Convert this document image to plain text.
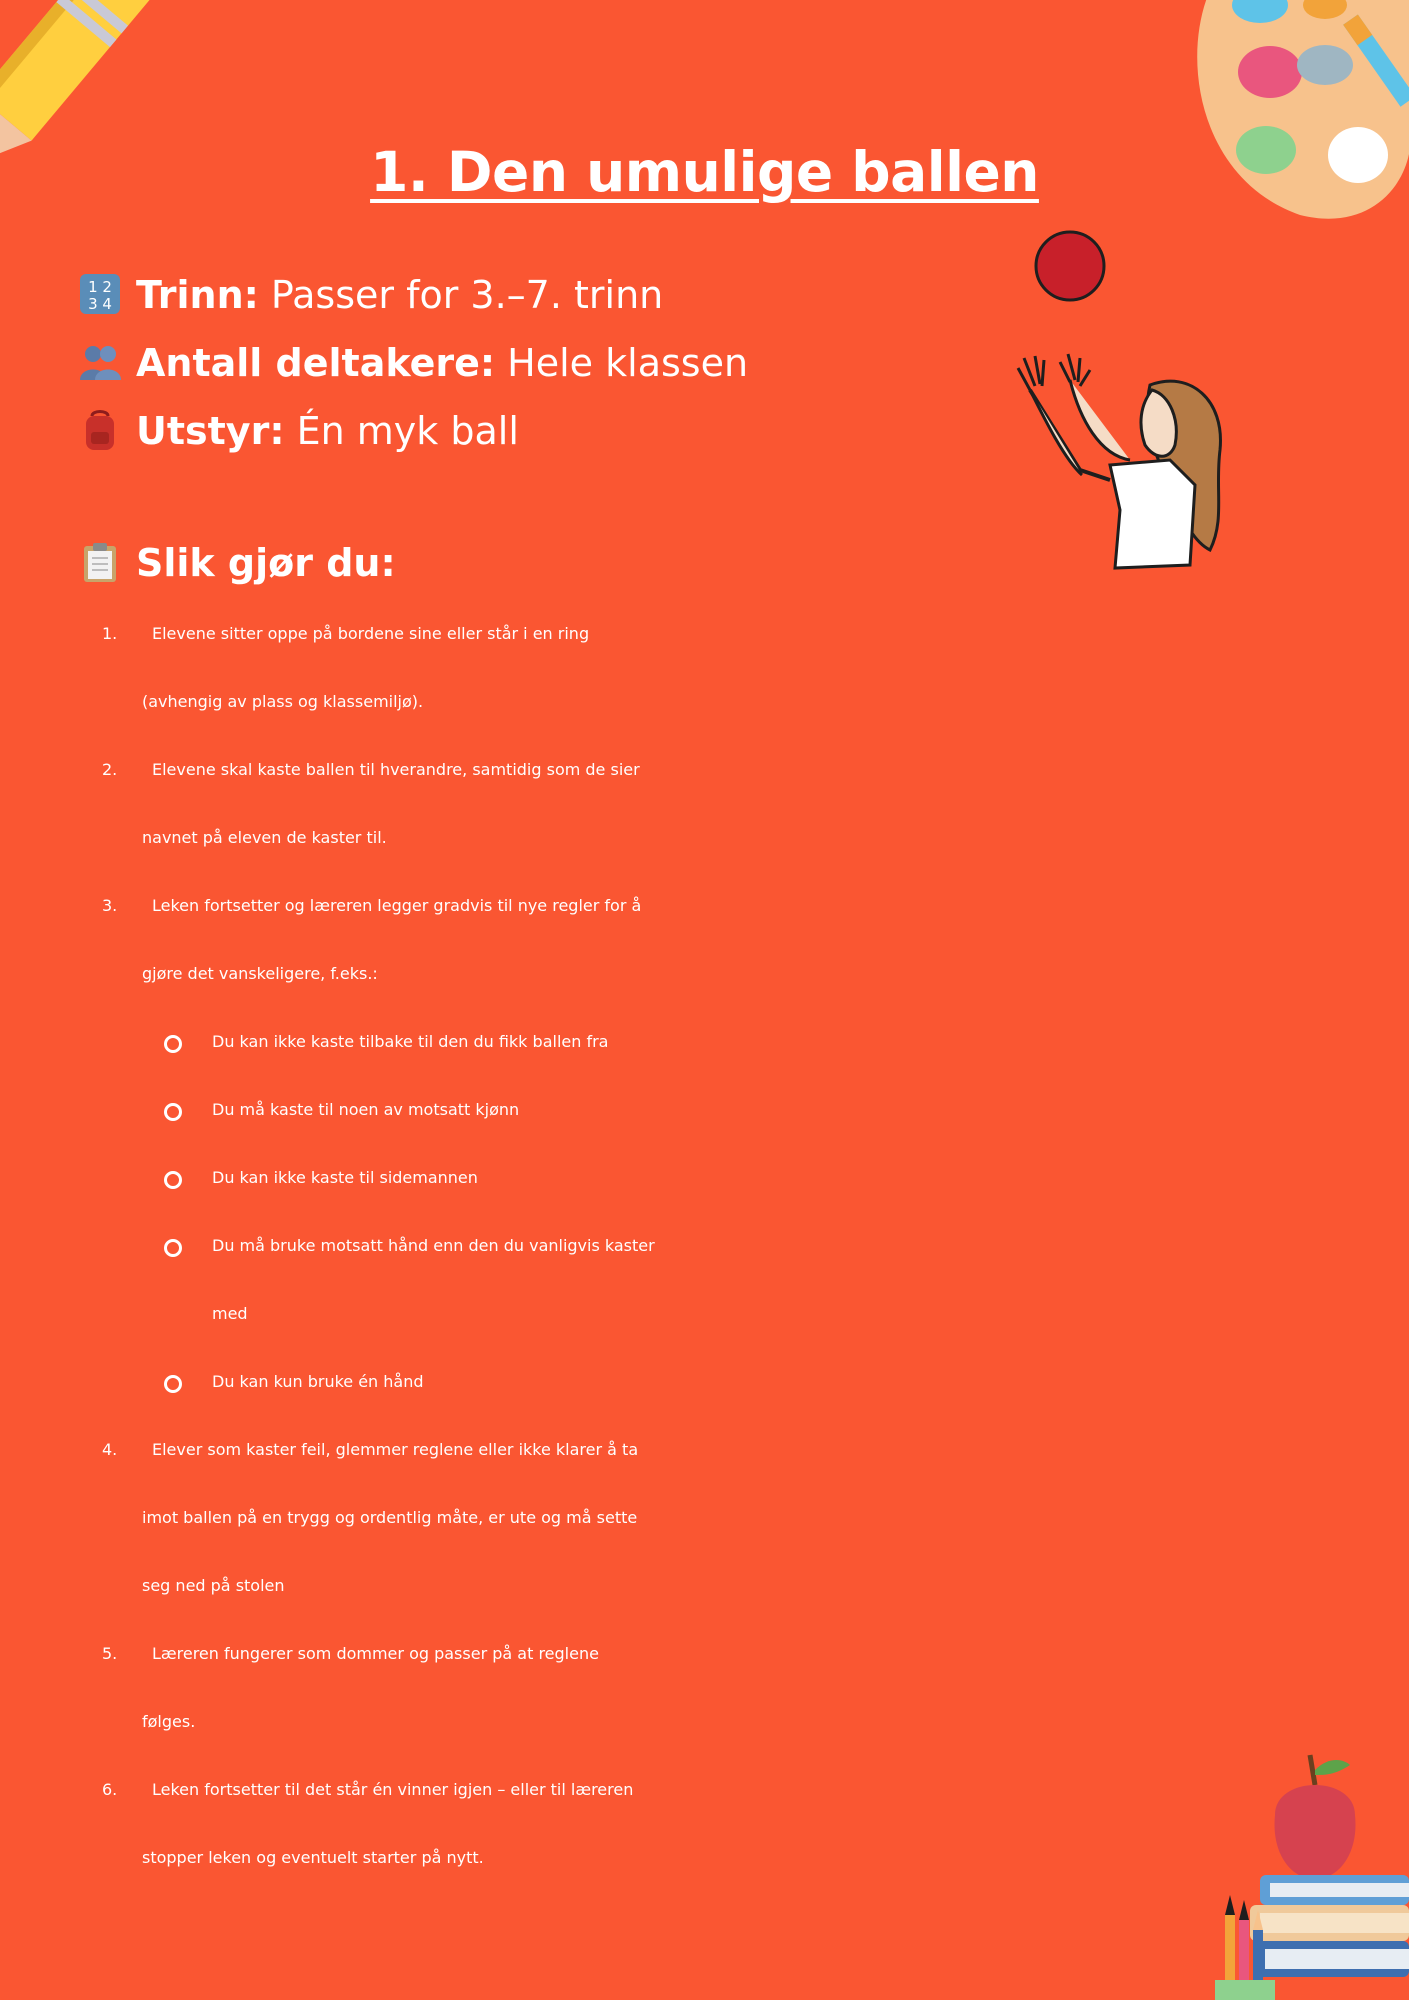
1. Den umulige ballen
1 2
3 4 Trinn: Passer for 3.–7. trinn
Antall deltakere: Hele klassen
Utstyr: Én myk ball
Slik gjør du:
1.	Elevene sitter oppe på bordene sine eller står i en ring
(avhengig av plass og klassemiljø).
2.	Elevene skal kaste ballen til hverandre, samtidig som de sier
navnet på eleven de kaster til.
3.	Leken fortsetter og læreren legger gradvis til nye regler for å
gjøre det vanskeligere, f.eks.:
Du kan ikke kaste tilbake til den du fikk ballen fra
Du må kaste til noen av motsatt kjønn
Du kan ikke kaste til sidemannen
Du må bruke motsatt hånd enn den du vanligvis kaster
med
Du kan kun bruke én hånd
4.	Elever som kaster feil, glemmer reglene eller ikke klarer å ta
imot ballen på en trygg og ordentlig måte, er ute og må sette
seg ned på stolen
5.	Læreren fungerer som dommer og passer på at reglene
følges.
6.	Leken fortsetter til det står én vinner igjen – eller til læreren
stopper leken og eventuelt starter på nytt.
